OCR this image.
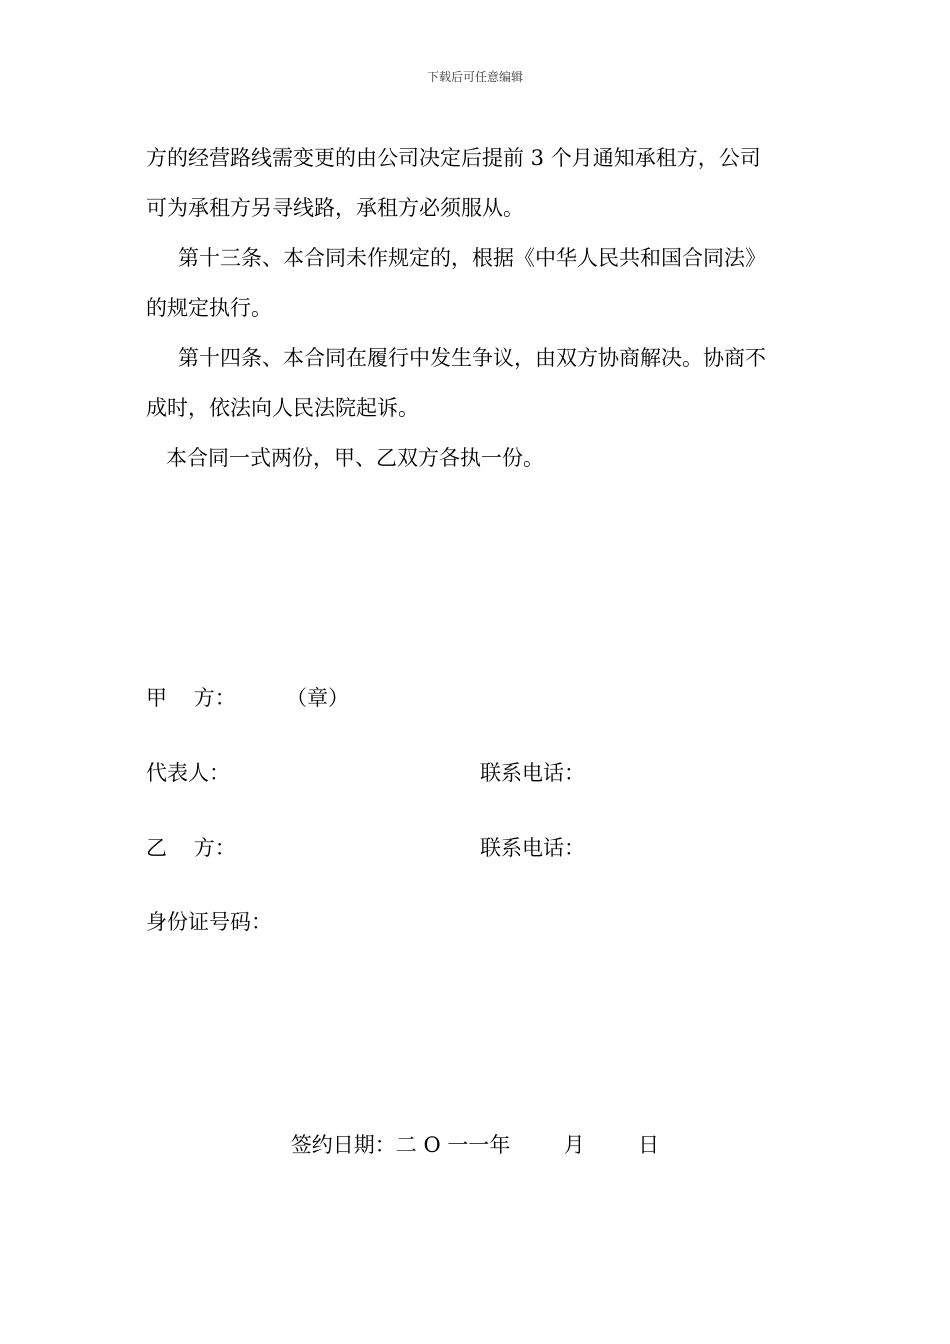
下载后可任意编辑
方的经营路线需变更的由公司决定后提前 3 个月通知承租方，公司
可为承租方另寻线路，承租方必须服从。
第十三条、本合同未作规定的，根据《中华人民共和国合同法》
的规定执行。
第十四条、本合同在履行中发生争议，由双方协商解决。协商不
成时，依法向人民法院起诉。
本合同一式两份，甲、乙双方各执一份。
甲    方： （章）
代表人：	联系电话：
乙    方：	联系电话：
身份证号码：
签约日期：二 O 一一年        月        日
